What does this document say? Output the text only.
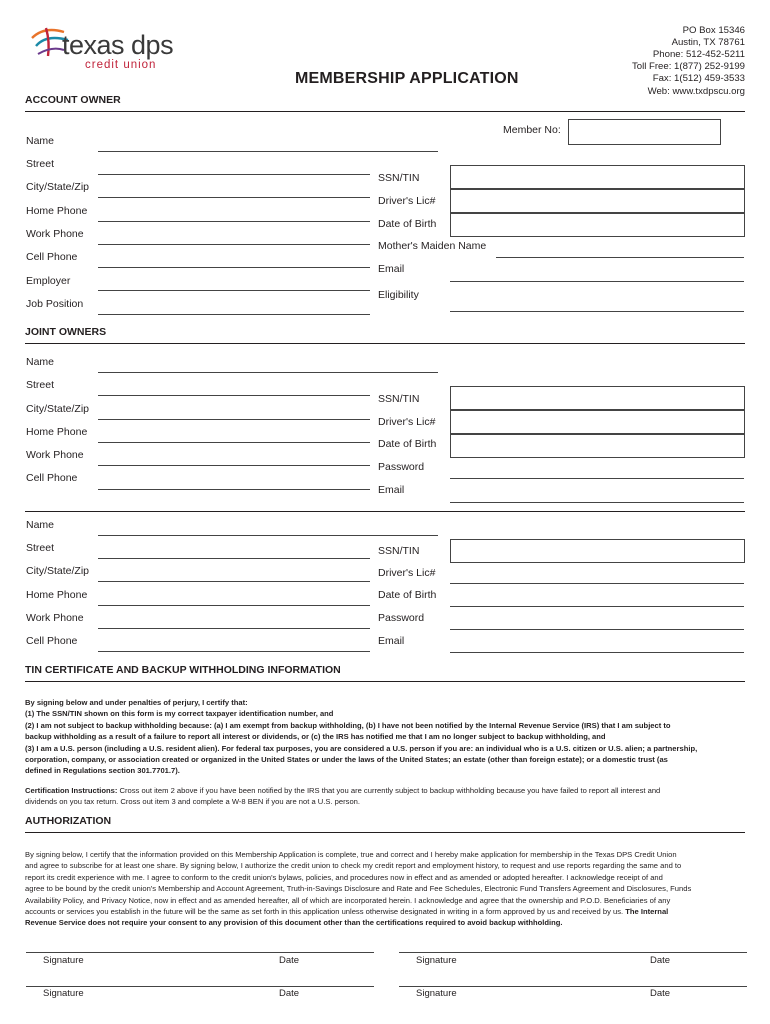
texas dps
credit union
MEMBERSHIP APPLICATION
PO Box 15346
Austin, TX 78761
Phone: 512-452-5211
Toll Free: 1(877) 252-9199
Fax: 1(512) 459-3533
Web: www.txdpscu.org
ACCOUNT OWNER
Member No:
Name
Street
City/State/Zip
Home Phone
Work Phone
Cell Phone
Employer
Job Position
SSN/TIN
Driver's Lic#
Date of Birth
Mother's Maiden Name
Email
Eligibility
JOINT OWNERS
Name
Street
City/State/Zip
Home Phone
Work Phone
Cell Phone
SSN/TIN
Driver's Lic#
Date of Birth
Password
Email
Name
Street
City/State/Zip
Home Phone
Work Phone
Cell Phone
SSN/TIN
Driver's Lic#
Date of Birth
Password
Email
TIN CERTIFICATE AND BACKUP WITHHOLDING INFORMATION
By signing below and under penalties of perjury, I certify that:
(1) The SSN/TIN shown on this form is my correct taxpayer identification number, and
(2) I am not subject to backup withholding because: (a) I am exempt from backup withholding, (b) I have not been notified by the Internal Revenue Service (IRS) that I am subject to
backup withholding as a result of a failure to report all interest or dividends, or (c) the IRS has notified me that I am no longer subject to backup withholding, and
(3) I am a U.S. person (including a U.S. resident alien). For federal tax purposes, you are considered a U.S. person if you are: an individual who is a U.S. citizen or U.S. alien; a partnership,
corporation, company, or association created or organized in the United States or under the laws of the United States; an estate (other than foreign estate); or a domestic trust (as
defined in Regulations section 301.7701.7).
Certification Instructions: Cross out item 2 above if you have been notified by the IRS that you are currently subject to backup withholding because you have failed to report all interest and
dividends on you tax return. Cross out item 3 and complete a W-8 BEN if you are not a U.S. person.
AUTHORIZATION
By signing below, I certify that the information provided on this Membership Application is complete, true and correct and I hereby make application for membership in the Texas DPS Credit Union
and agree to subscribe for at least one share. By signing below, I authorize the credit union to check my credit report and employment history, to request and use reports regarding the same and to
report its credit experience with me. I agree to conform to the credit union's bylaws, policies, and procedures now in effect and as amended or adopted hereafter. I acknowledge receipt of and
agree to be bound by the credit union's Membership and Account Agreement, Truth-in-Savings Disclosure and Rate and Fee Schedules, Electronic Fund Transfers Agreement and Disclosures, Funds
Availability Policy, and Privacy Notice, now in effect and as amended hereafter, all of which are incorporated herein. I acknowledge and agree that the ownership and P.O.D. Beneficiaries of any
accounts or services you establish in the future will be the same as set forth in this application unless otherwise designated in writing in a form approved by us and received by us. The Internal
Revenue Service does not require your consent to any provision of this document other than the certifications required to avoid backup withholding.
Signature	Date	Signature	Date
Signature	Date	Signature	Date
